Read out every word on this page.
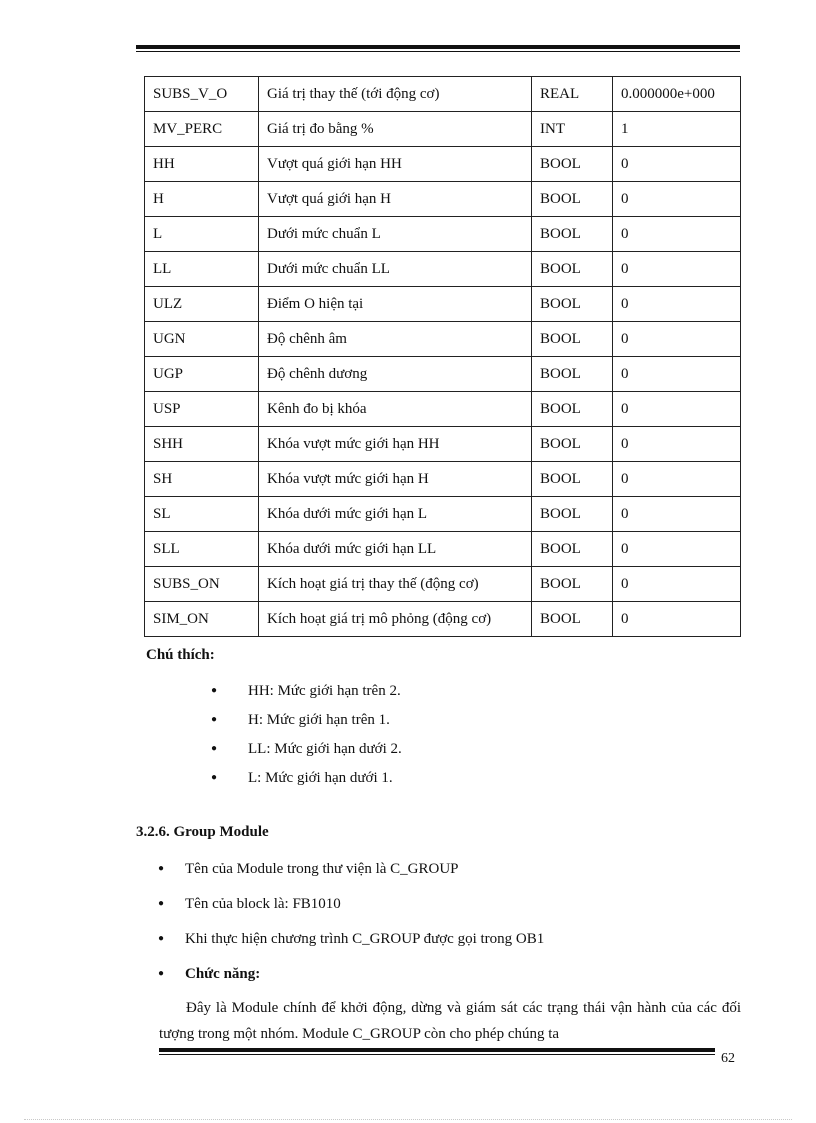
SUBS_V_O	Giá trị thay thế (tới động cơ)	REAL	0.000000e+000
MV_PERC	Giá trị đo bằng %	INT	1
HH	Vượt quá giới hạn HH	BOOL	0
H	Vượt quá giới hạn H	BOOL	0
L	Dưới mức chuẩn L	BOOL	0
LL	Dưới mức chuẩn LL	BOOL	0
ULZ	Điểm O hiện tại	BOOL	0
UGN	Độ chênh âm	BOOL	0
UGP	Độ chênh dương	BOOL	0
USP	Kênh đo bị khóa	BOOL	0
SHH	Khóa vượt mức giới hạn HH	BOOL	0
SH	Khóa vượt mức giới hạn H	BOOL	0
SL	Khóa dưới mức giới hạn L	BOOL	0
SLL	Khóa dưới mức giới hạn LL	BOOL	0
SUBS_ON	Kích hoạt giá trị thay thế (động cơ)	BOOL	0
SIM_ON	Kích hoạt giá trị mô phỏng (động cơ)	BOOL	0
Chú thích:
● HH: Mức giới hạn trên 2.
● H: Mức giới hạn trên 1.
● LL: Mức giới hạn dưới 2.
● L: Mức giới hạn dưới 1.
3.2.6. Group Module
● Tên của Module trong thư viện là C_GROUP
● Tên của block là: FB1010
● Khi thực hiện chương trình C_GROUP được gọi trong OB1
● Chức năng:
Đây là Module chính để khởi động, dừng và giám sát các trạng thái vận hành của các đối tượng trong một nhóm. Module C_GROUP còn cho phép chúng ta
62
